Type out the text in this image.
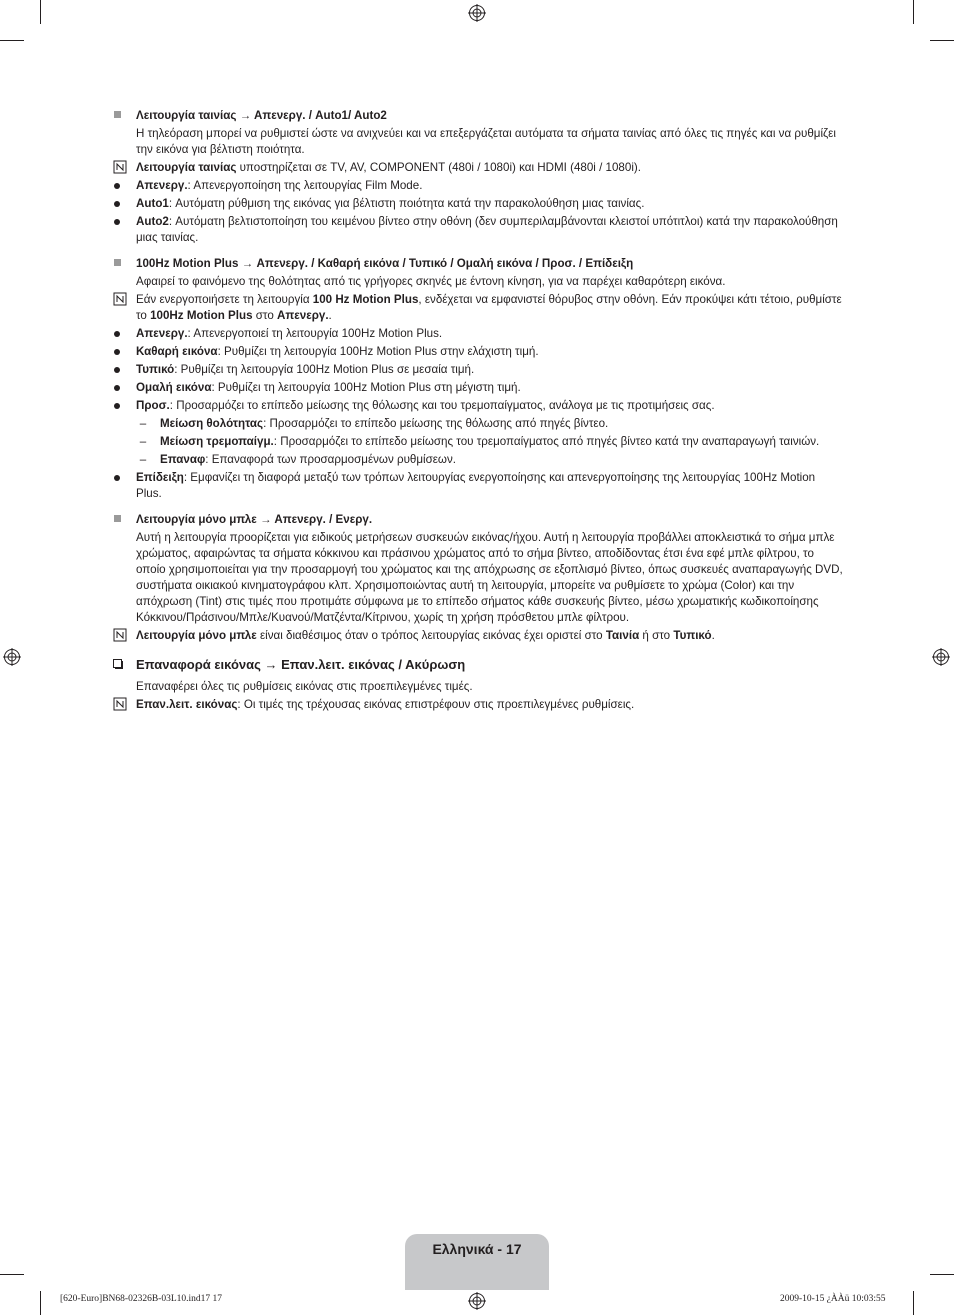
Λειτουργία ταινίας → Απενεργ. / Auto1/ Auto2
Η τηλεόραση μπορεί να ρυθμιστεί ώστε να ανιχνεύει και να επεξεργάζεται αυτόματα τα σήματα ταινίας από όλες τις πηγές και να ρυθμίζει την εικόνα για βέλτιστη ποιότητα.
Λειτουργία ταινίας υποστηρίζεται σε TV, AV, COMPONENT (480i / 1080i) και HDMI (480i / 1080i).
Απενεργ.: Απενεργοποίηση της λειτουργίας Film Mode.
Auto1: Αυτόματη ρύθμιση της εικόνας για βέλτιστη ποιότητα κατά την παρακολούθηση μιας ταινίας.
Auto2: Αυτόματη βελτιστοποίηση του κειμένου βίντεο στην οθόνη (δεν συμπεριλαμβάνονται κλειστοί υπότιτλοι) κατά την παρακολούθηση μιας ταινίας.
100Hz Motion Plus → Απενεργ. / Καθαρή εικόνα / Τυπικό / Ομαλή εικόνα / Προσ. / Επίδειξη
Αφαιρεί το φαινόμενο της θολότητας από τις γρήγορες σκηνές με έντονη κίνηση, για να παρέχει καθαρότερη εικόνα.
Εάν ενεργοποιήσετε τη λειτουργία 100 Hz Motion Plus, ενδέχεται να εμφανιστεί θόρυβος στην οθόνη. Εάν προκύψει κάτι τέτοιο, ρυθμίστε το 100Hz Motion Plus στο Απενεργ..
Απενεργ.: Απενεργοποιεί τη λειτουργία 100Hz Motion Plus.
Καθαρή εικόνα: Ρυθμίζει τη λειτουργία 100Hz Motion Plus στην ελάχιστη τιμή.
Τυπικό: Ρυθμίζει τη λειτουργία 100Hz Motion Plus σε μεσαία τιμή.
Ομαλή εικόνα: Ρυθμίζει τη λειτουργία 100Hz Motion Plus στη μέγιστη τιμή.
Προσ.: Προσαρμόζει το επίπεδο μείωσης της θόλωσης και του τρεμοπαίγματος, ανάλογα με τις προτιμήσεις σας.
– Μείωση θολότητας: Προσαρμόζει το επίπεδο μείωσης της θόλωσης από πηγές βίντεο.
– Μείωση τρεμοπαίγμ.: Προσαρμόζει το επίπεδο μείωσης του τρεμοπαίγματος από πηγές βίντεο κατά την αναπαραγωγή ταινιών.
– Επαναφ: Επαναφορά των προσαρμοσμένων ρυθμίσεων.
Επίδειξη: Εμφανίζει τη διαφορά μεταξύ των τρόπων λειτουργίας ενεργοποίησης και απενεργοποίησης της λειτουργίας 100Hz Motion Plus.
Λειτουργία μόνο μπλε → Απενεργ. / Ενεργ.
Αυτή η λειτουργία προορίζεται για ειδικούς μετρήσεων συσκευών εικόνας/ήχου. Αυτή η λειτουργία προβάλλει αποκλειστικά το σήμα μπλε χρώματος, αφαιρώντας τα σήματα κόκκινου και πράσινου χρώματος από το σήμα βίντεο, αποδίδοντας έτσι ένα εφέ μπλε φίλτρου, το οποίο χρησιμοποιείται για την προσαρμογή του χρώματος και της απόχρωσης σε εξοπλισμό βίντεο, όπως συσκευές αναπαραγωγής DVD, συστήματα οικιακού κινηματογράφου κλπ. Χρησιμοποιώντας αυτή τη λειτουργία, μπορείτε να ρυθμίσετε το χρώμα (Color) και την απόχρωση (Tint) στις τιμές που προτιμάτε σύμφωνα με το επίπεδο σήματος κάθε συσκευής βίντεο, μέσω χρωματικής κωδικοποίησης Κόκκινου/Πράσινου/Μπλε/Κυανού/Ματζέντα/Κίτρινου, χωρίς τη χρήση πρόσθετου μπλε φίλτρου.
Λειτουργία μόνο μπλε είναι διαθέσιμος όταν ο τρόπος λειτουργίας εικόνας έχει οριστεί στο Ταινία ή στο Τυπικό.
Επαναφορά εικόνας → Επαν.λειτ. εικόνας / Ακύρωση
Επαναφέρει όλες τις ρυθμίσεις εικόνας στις προεπιλεγμένες τιμές.
Επαν.λειτ. εικόνας: Οι τιμές της τρέχουσας εικόνας επιστρέφουν στις προεπιλεγμένες ρυθμίσεις.
Ελληνικά - 17
[620-Euro]BN68-02326B-03L10.ind17 17	2009-10-15 ¿ÀÀü 10:03:55
